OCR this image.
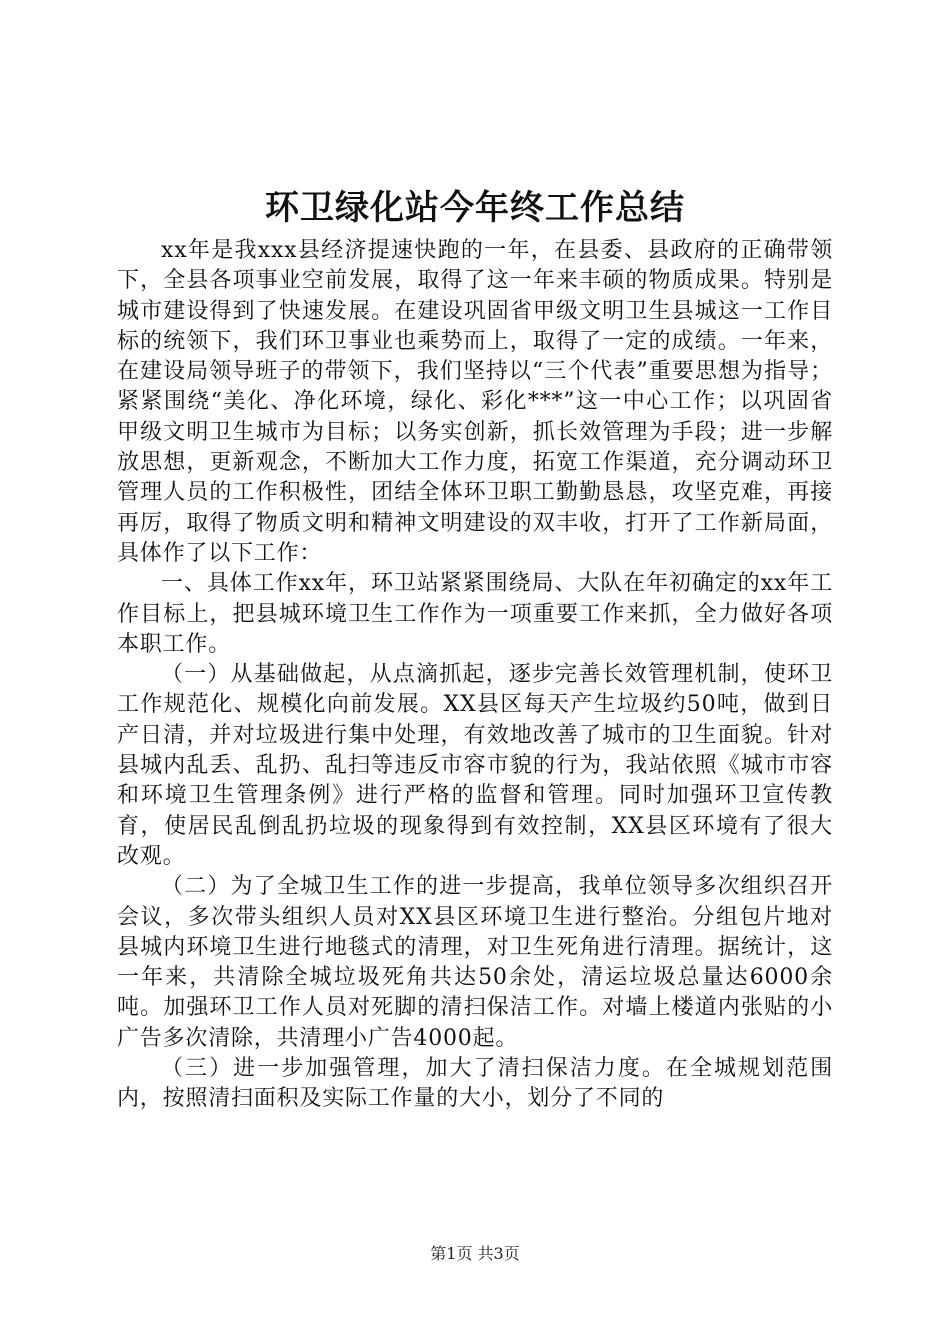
环卫绿化站今年终工作总结

xx年是我xxx县经济提速快跑的一年，在县委、县政府的正确带领下，全县各项事业空前发展，取得了这一年来丰硕的物质成果。特别是城市建设得到了快速发展。在建设巩固省甲级文明卫生县城这一工作目标的统领下，我们环卫事业也乘势而上，取得了一定的成绩。一年来，在建设局领导班子的带领下，我们坚持以“三个代表”重要思想为指导；紧紧围绕“美化、净化环境，绿化、彩化***”这一中心工作；以巩固省甲级文明卫生城市为目标；以务实创新，抓长效管理为手段；进一步解放思想，更新观念，不断加大工作力度，拓宽工作渠道，充分调动环卫管理人员的工作积极性，团结全体环卫职工勤勤恳恳，攻坚克难，再接再厉，取得了物质文明和精神文明建设的双丰收，打开了工作新局面，具体作了以下工作：

一、具体工作xx年，环卫站紧紧围绕局、大队在年初确定的xx年工作目标上，把县城环境卫生工作作为一项重要工作来抓，全力做好各项本职工作。

（一）从基础做起，从点滴抓起，逐步完善长效管理机制，使环卫工作规范化、规模化向前发展。XX县区每天产生垃圾约50吨，做到日产日清，并对垃圾进行集中处理，有效地改善了城市的卫生面貌。针对县城内乱丢、乱扔、乱扫等违反市容市貌的行为，我站依照《城市市容和环境卫生管理条例》进行严格的监督和管理。同时加强环卫宣传教育，使居民乱倒乱扔垃圾的现象得到有效控制，XX县区环境有了很大改观。

（二）为了全城卫生工作的进一步提高，我单位领导多次组织召开会议，多次带头组织人员对XX县区环境卫生进行整治。分组包片地对县城内环境卫生进行地毯式的清理，对卫生死角进行清理。据统计，这一年来，共清除全城垃圾死角共达50余处，清运垃圾总量达6000余吨。加强环卫工作人员对死脚的清扫保洁工作。对墙上楼道内张贴的小广告多次清除，共清理小广告4000起。

（三）进一步加强管理，加大了清扫保洁力度。在全城规划范围内，按照清扫面积及实际工作量的大小，划分了不同的

第1页 共3页
